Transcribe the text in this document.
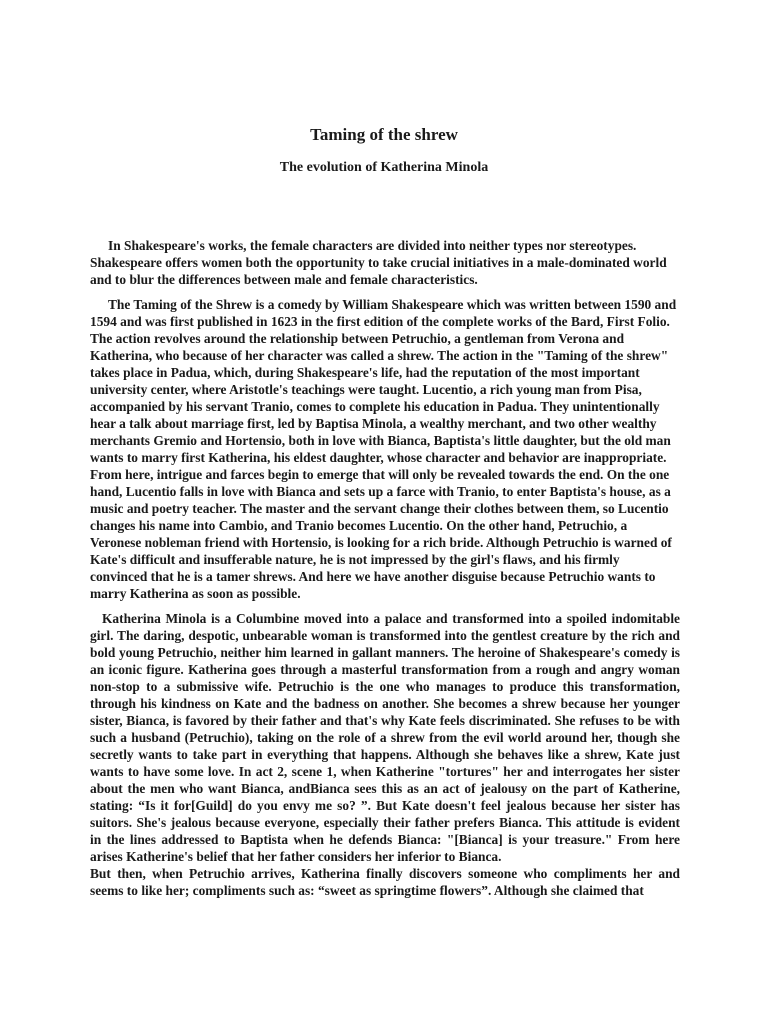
Taming of the shrew
The evolution of Katherina Minola

In Shakespeare's works, the female characters are divided into neither types nor stereotypes. Shakespeare offers women both the opportunity to take crucial initiatives in a male-dominated world and to blur the differences between male and female characteristics.

The Taming of the Shrew is a comedy by William Shakespeare which was written between 1590 and 1594 and was first published in 1623 in the first edition of the complete works of the Bard, First Folio. The action revolves around the relationship between Petruchio, a gentleman from Verona and Katherina, who because of her character was called a shrew. The action in the "Taming of the shrew" takes place in Padua, which, during Shakespeare's life, had the reputation of the most important university center, where Aristotle's teachings were taught. Lucentio, a rich young man from Pisa, accompanied by his servant Tranio, comes to complete his education in Padua. They unintentionally hear a talk about marriage first, led by Baptisa Minola, a wealthy merchant, and two other wealthy merchants Gremio and Hortensio, both in love with Bianca, Baptista's little daughter, but the old man wants to marry first Katherina, his eldest daughter, whose character and behavior are inappropriate. From here, intrigue and farces begin to emerge that will only be revealed towards the end. On the one hand, Lucentio falls in love with Bianca and sets up a farce with Tranio, to enter Baptista's house, as a music and poetry teacher. The master and the servant change their clothes between them, so Lucentio changes his name into Cambio, and Tranio becomes Lucentio. On the other hand, Petruchio, a Veronese nobleman friend with Hortensio, is looking for a rich bride. Although Petruchio is warned of Kate's difficult and insufferable nature, he is not impressed by the girl's flaws, and his firmly convinced that he is a tamer shrews. And here we have another disguise because Petruchio wants to marry Katherina as soon as possible.

Katherina Minola is a Columbine moved into a palace and transformed into a spoiled indomitable girl. The daring, despotic, unbearable woman is transformed into the gentlest creature by the rich and bold young Petruchio, neither him learned in gallant manners. The heroine of Shakespeare's comedy is an iconic figure. Katherina goes through a masterful transformation from a rough and angry woman non-stop to a submissive wife. Petruchio is the one who manages to produce this transformation, through his kindness on Kate and the badness on another. She becomes a shrew because her younger sister, Bianca, is favored by their father and that's why Kate feels discriminated. She refuses to be with such a husband (Petruchio), taking on the role of a shrew from the evil world around her, though she secretly wants to take part in everything that happens. Although she behaves like a shrew, Kate just wants to have some love. In act 2, scene 1, when Katherine "tortures" her and interrogates her sister about the men who want Bianca, andBianca sees this as an act of jealousy on the part of Katherine, stating: “Is it for[Guild] do you envy me so? ”. But Kate doesn't feel jealous because her sister has suitors. She's jealous because everyone, especially their father prefers Bianca. This attitude is evident in the lines addressed to Baptista when he defends Bianca: "[Bianca] is your treasure." From here arises Katherine's belief that her father considers her inferior to Bianca.

But then, when Petruchio arrives, Katherina finally discovers someone who compliments her and seems to like her; compliments such as: “sweet as springtime flowers”. Although she claimed that
